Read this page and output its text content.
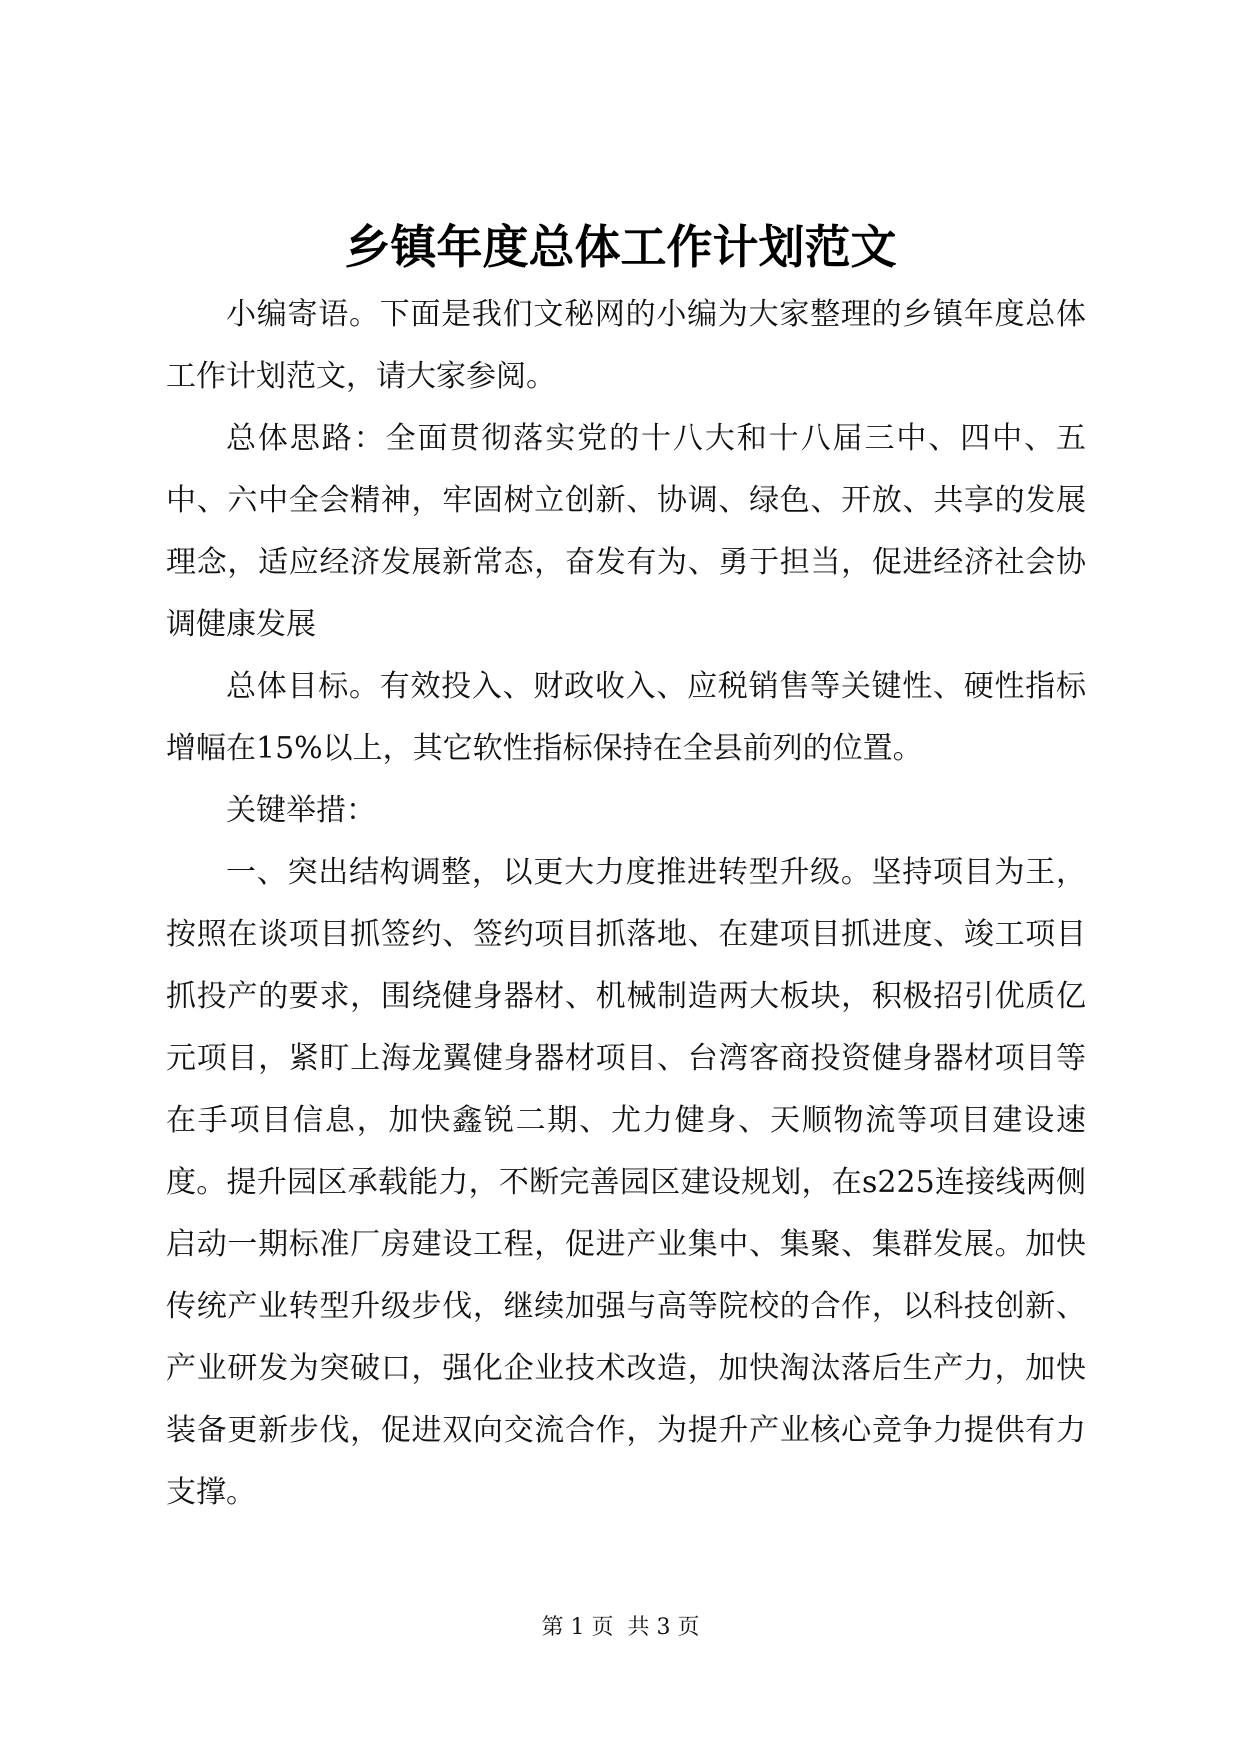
乡镇年度总体工作计划范文

小编寄语。下面是我们文秘网的小编为大家整理的乡镇年度总体工作计划范文，请大家参阅。

总体思路：全面贯彻落实党的十八大和十八届三中、四中、五中、六中全会精神，牢固树立创新、协调、绿色、开放、共享的发展理念，适应经济发展新常态，奋发有为、勇于担当，促进经济社会协调健康发展

总体目标。有效投入、财政收入、应税销售等关键性、硬性指标增幅在15%以上，其它软性指标保持在全县前列的位置。

关键举措：

一、突出结构调整，以更大力度推进转型升级。坚持项目为王，按照在谈项目抓签约、签约项目抓落地、在建项目抓进度、竣工项目抓投产的要求，围绕健身器材、机械制造两大板块，积极招引优质亿元项目，紧盯上海龙翼健身器材项目、台湾客商投资健身器材项目等在手项目信息，加快鑫锐二期、尤力健身、天顺物流等项目建设速度。提升园区承载能力，不断完善园区建设规划，在s225连接线两侧启动一期标准厂房建设工程，促进产业集中、集聚、集群发展。加快传统产业转型升级步伐，继续加强与高等院校的合作，以科技创新、产业研发为突破口，强化企业技术改造，加快淘汰落后生产力，加快装备更新步伐，促进双向交流合作，为提升产业核心竞争力提供有力支撑。

第 1 页  共 3 页
